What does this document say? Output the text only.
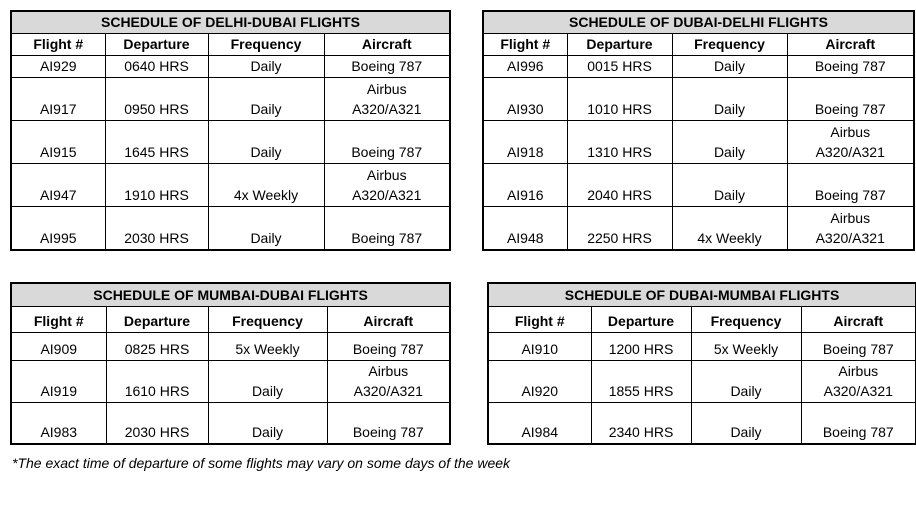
SCHEDULE OF DELHI-DUBAI FLIGHTS			
Flight #	Departure	Frequency	Aircraft
AI929	0640 HRS	Daily	Boeing 787
AI917	0950 HRS	Daily	Airbus
A320/A321
AI915	1645 HRS	Daily	Boeing 787
AI947	1910 HRS	4x Weekly	Airbus
A320/A321
AI995	2030 HRS	Daily	Boeing 787
SCHEDULE OF DUBAI-DELHI FLIGHTS			
Flight #	Departure	Frequency	Aircraft
AI996	0015 HRS	Daily	Boeing 787
AI930	1010 HRS	Daily	Boeing 787
AI918	1310 HRS	Daily	Airbus
A320/A321
AI916	2040 HRS	Daily	Boeing 787
AI948	2250 HRS	4x Weekly	Airbus
A320/A321
SCHEDULE OF MUMBAI-DUBAI FLIGHTS			
Flight #	Departure	Frequency	Aircraft
AI909	0825 HRS	5x Weekly	Boeing 787
AI919	1610 HRS	Daily	Airbus
A320/A321
AI983	2030 HRS	Daily	Boeing 787
SCHEDULE OF DUBAI-MUMBAI FLIGHTS			
Flight #	Departure	Frequency	Aircraft
AI910	1200 HRS	5x Weekly	Boeing 787
AI920	1855 HRS	Daily	Airbus
A320/A321
AI984	2340 HRS	Daily	Boeing 787
*The exact time of departure of some flights may vary on some days of the week
